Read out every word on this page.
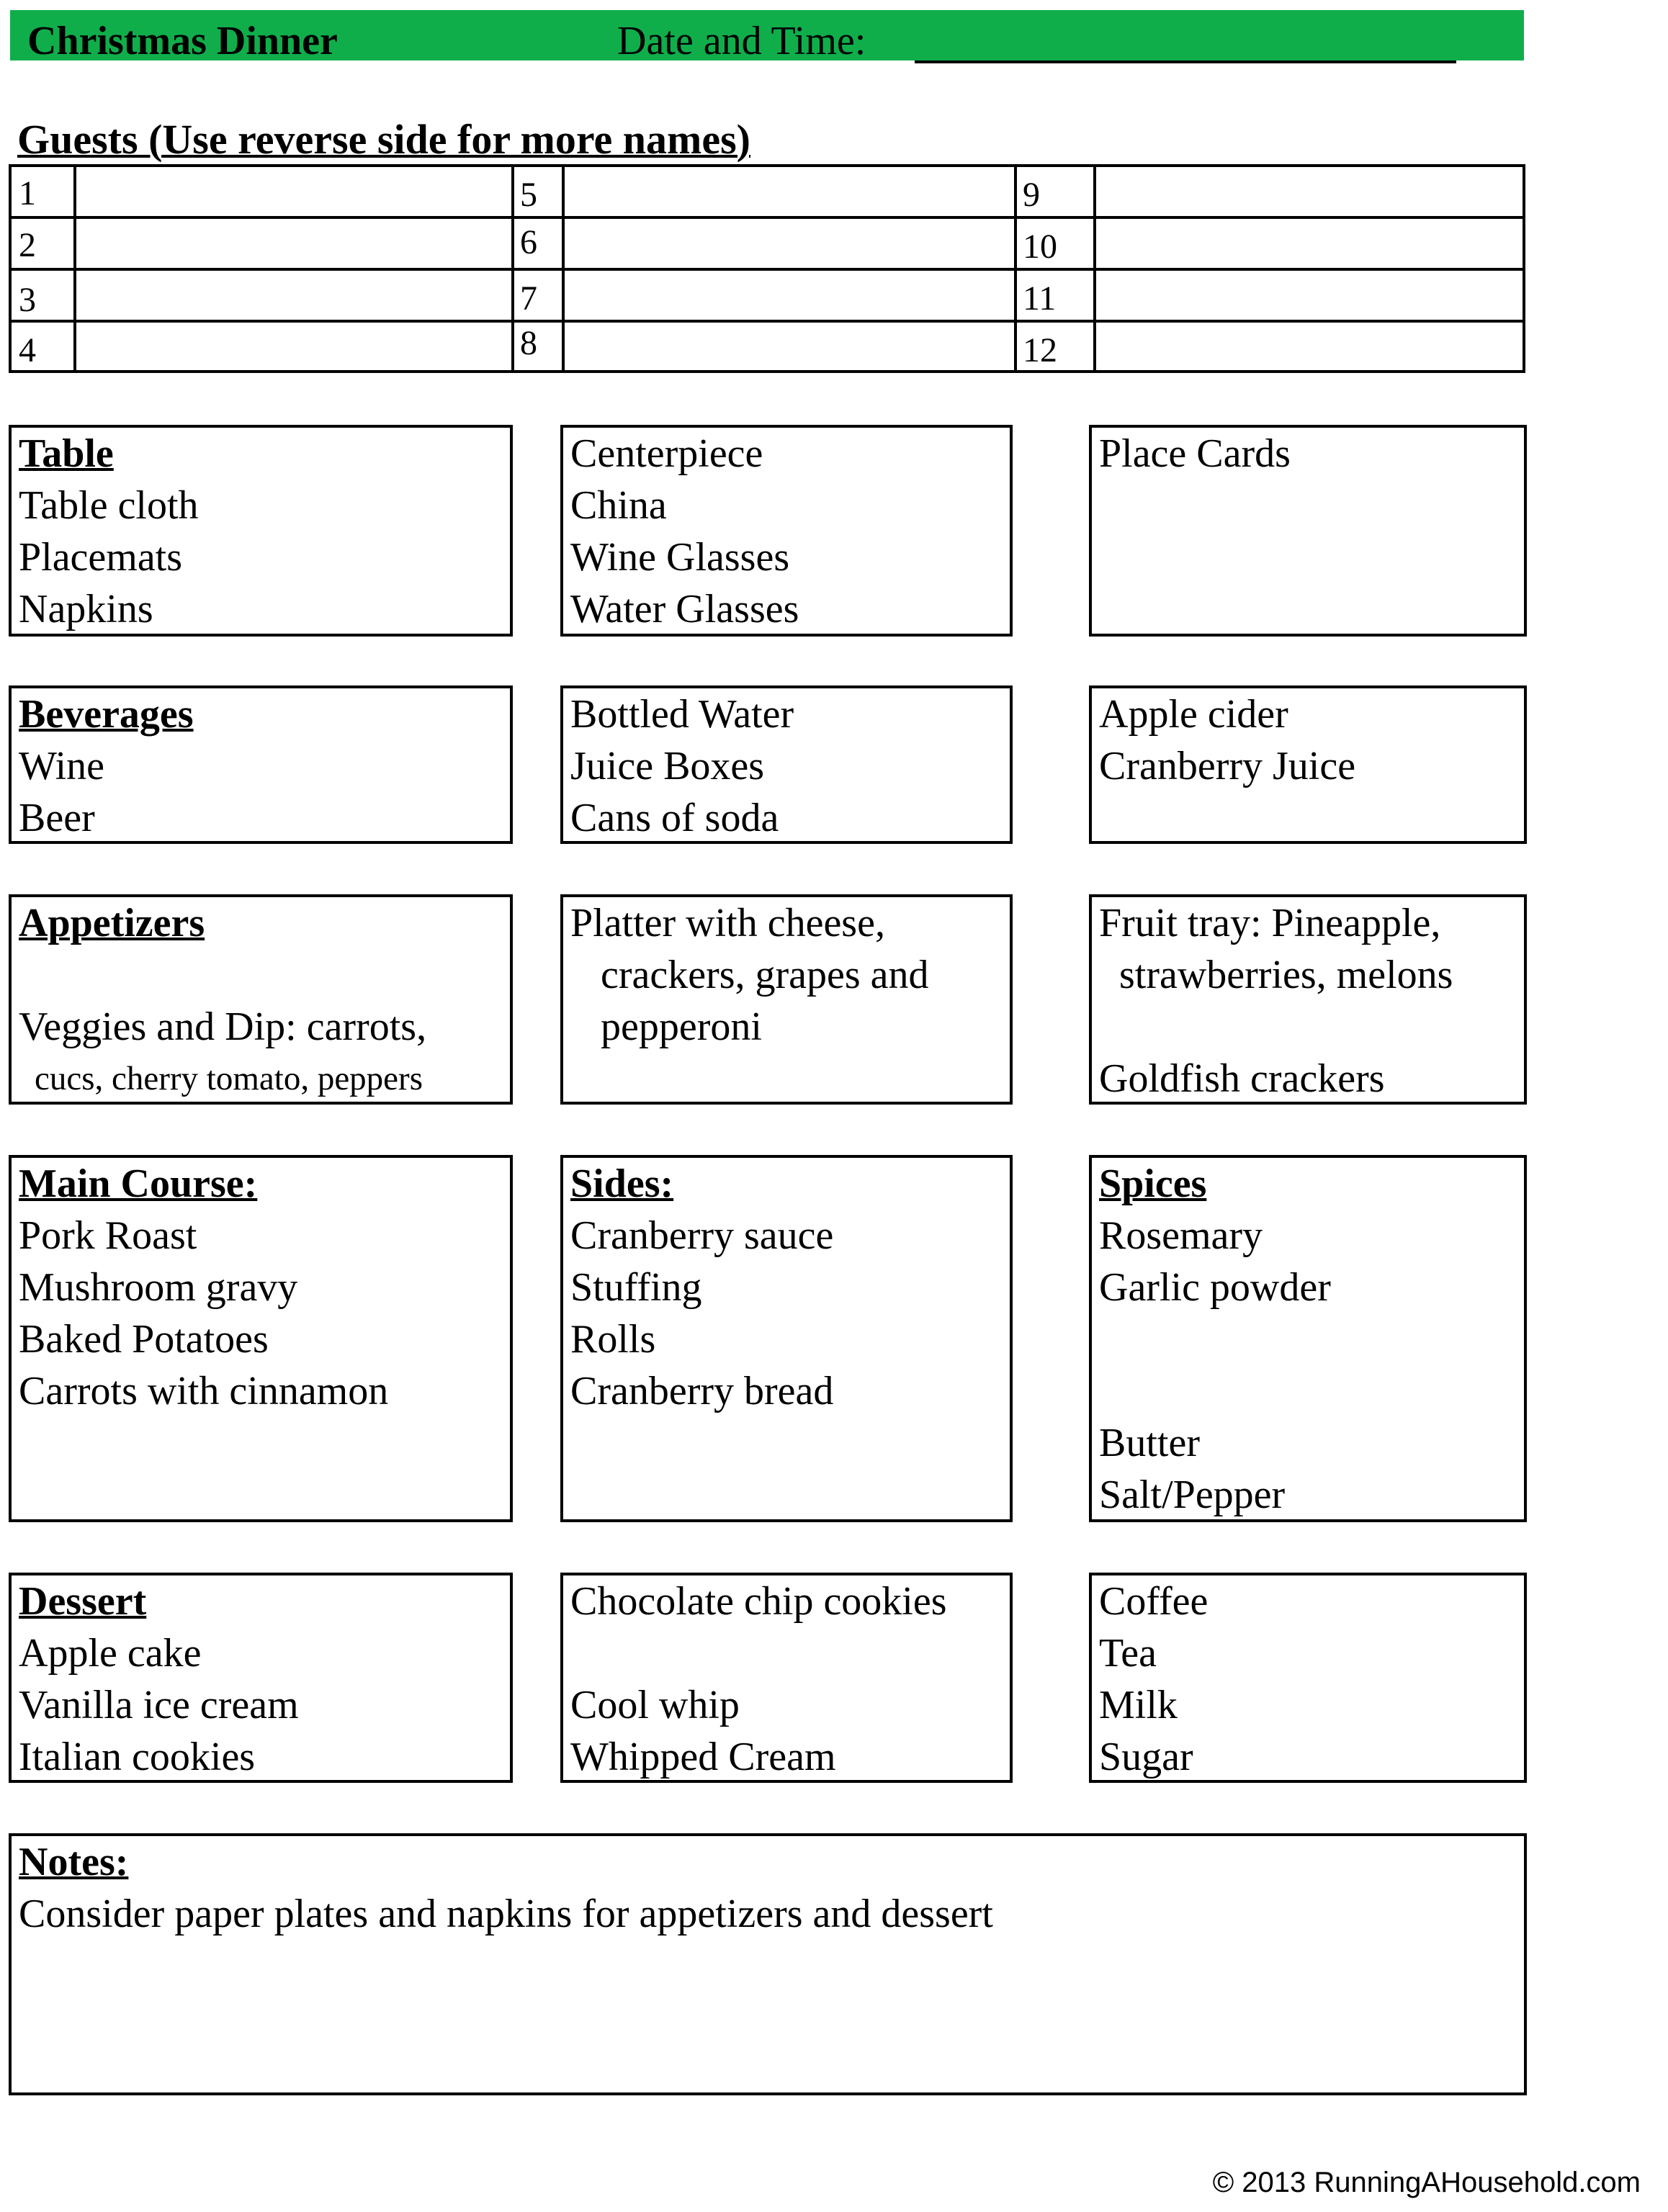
Christmas Dinner	Date and Time:
Guests (Use reverse side for more names)
1
2
3
4
5
6
7
8
9
10
11
12
Table
Table cloth
Placemats
Napkins
Centerpiece
China
Wine Glasses
Water Glasses
Place Cards
Beverages
Wine
Beer
Bottled Water
Juice Boxes
Cans of soda
Apple cider
Cranberry Juice
Appetizers
Veggies and Dip: carrots,
cucs, cherry tomato, peppers
Platter with cheese,
crackers, grapes and
pepperoni
Fruit tray: Pineapple,
strawberries, melons
Goldfish crackers
Main Course:
Pork Roast
Mushroom gravy
Baked Potatoes
Carrots with cinnamon
Sides:
Cranberry sauce
Stuffing
Rolls
Cranberry bread
Spices
Rosemary
Garlic powder
Butter
Salt/Pepper
Dessert
Apple cake
Vanilla ice cream
Italian cookies
Chocolate chip cookies
Cool whip
Whipped Cream
Coffee
Tea
Milk
Sugar
Notes:
Consider paper plates and napkins for appetizers and dessert
© 2013 RunningAHousehold.com
